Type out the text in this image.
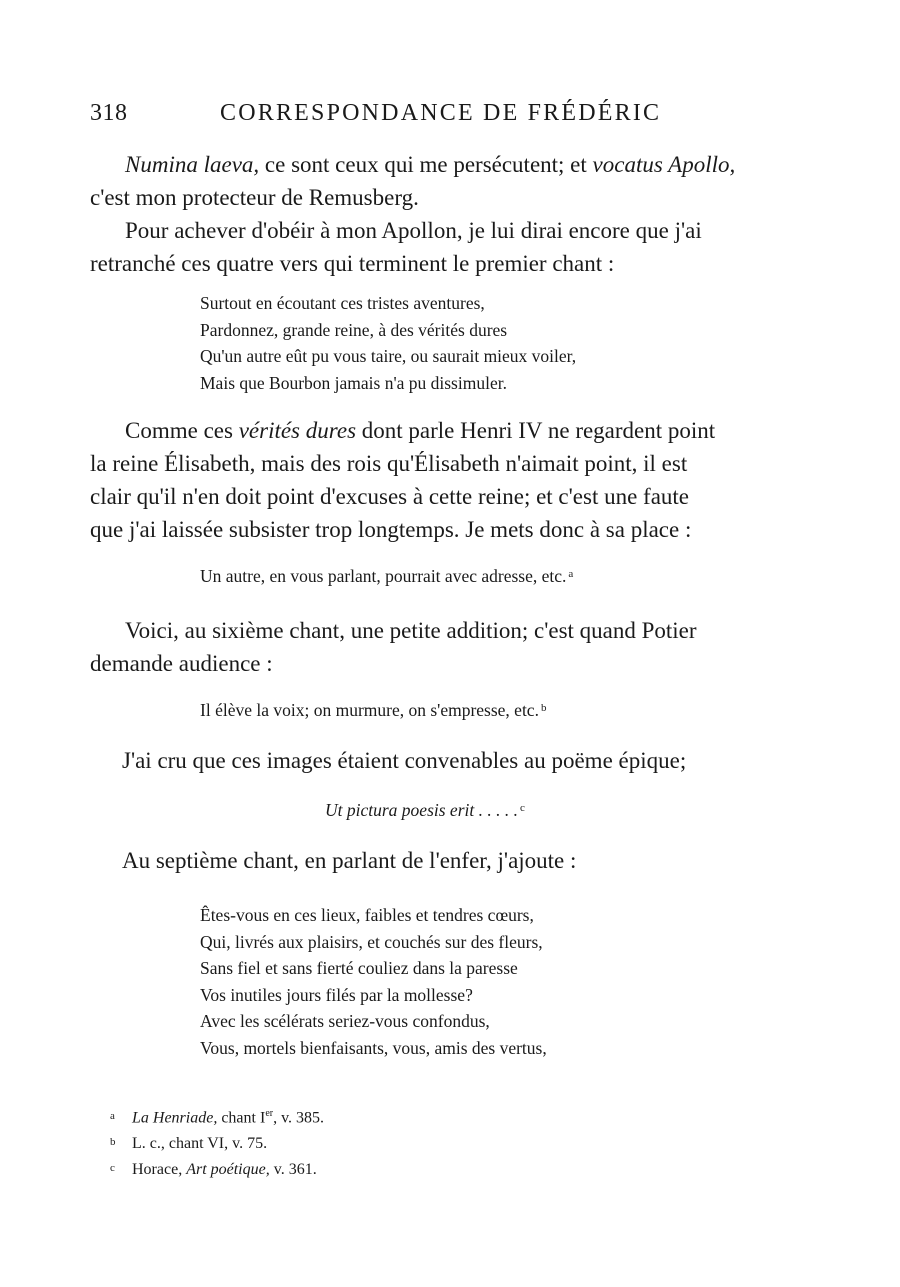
318	CORRESPONDANCE DE FRÉDÉRIC
Numina laeva, ce sont ceux qui me persécutent; et vocatus Apollo,
c'est mon protecteur de Remusberg.
Pour achever d'obéir à mon Apollon, je lui dirai encore que j'ai
retranché ces quatre vers qui terminent le premier chant :
Surtout en écoutant ces tristes aventures,
Pardonnez, grande reine, à des vérités dures
Qu'un autre eût pu vous taire, ou saurait mieux voiler,
Mais que Bourbon jamais n'a pu dissimuler.
Comme ces vérités dures dont parle Henri IV ne regardent point
la reine Élisabeth, mais des rois qu'Élisabeth n'aimait point, il est
clair qu'il n'en doit point d'excuses à cette reine; et c'est une faute
que j'ai laissée subsister trop longtemps. Je mets donc à sa place :
Un autre, en vous parlant, pourrait avec adresse, etc. $^a$
Voici, au sixième chant, une petite addition; c'est quand Potier
demande audience :
Il élève la voix; on murmure, on s'empresse, etc. $^b$
J'ai cru que ces images étaient convenables au poëme épique;
Ut pictura poesis erit . . . . . $^c$
Au septième chant, en parlant de l'enfer, j'ajoute :
Êtes-vous en ces lieux, faibles et tendres cœurs,
Qui, livrés aux plaisirs, et couchés sur des fleurs,
Sans fiel et sans fierté couliez dans la paresse
Vos inutiles jours filés par la mollesse?
Avec les scélérats seriez-vous confondus,
Vous, mortels bienfaisants, vous, amis des vertus,
a La Henriade, chant Ier, v. 385.
b L. c., chant VI, v. 75.
c Horace, Art poétique, v. 361.
